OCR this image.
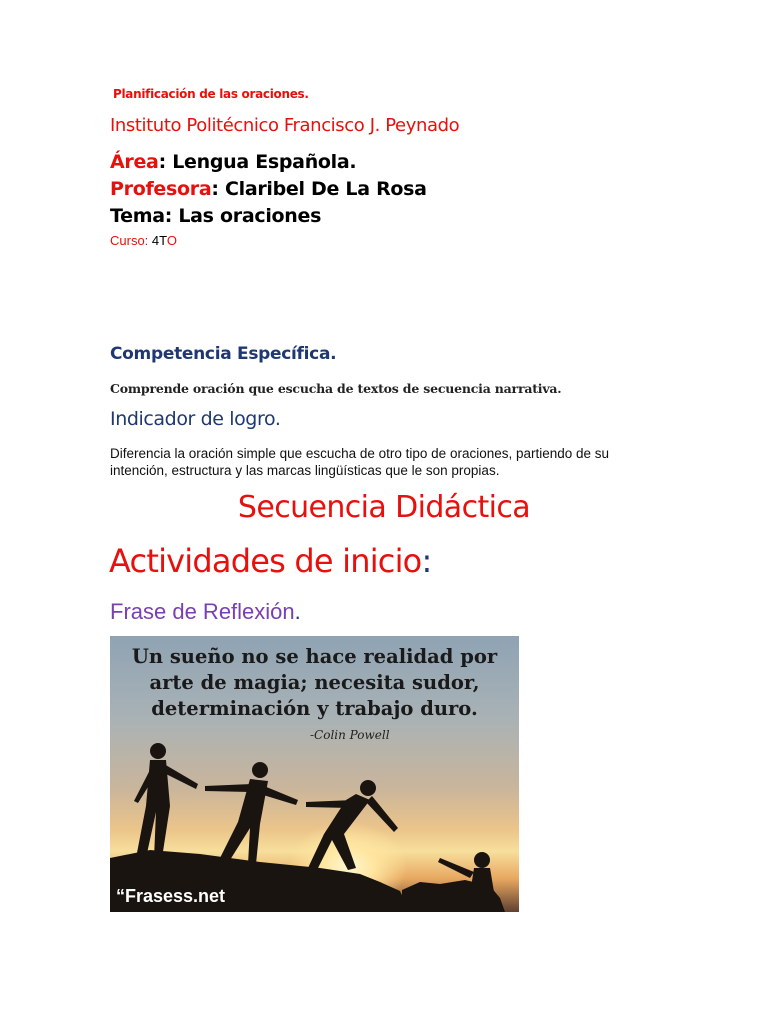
Planificación de las oraciones.
Instituto Politécnico Francisco J. Peynado
Área: Lengua Española.
Profesora: Claribel De La Rosa
Tema: Las oraciones
Curso: 4TO
Competencia Específica.
Comprende oración que escucha de textos de secuencia narrativa.
Indicador de logro.
Diferencia la oración simple que escucha de otro tipo de oraciones, partiendo de su intención, estructura y las marcas lingüísticas que le son propias.
Secuencia Didáctica
Actividades de inicio:
Frase de Reflexión.
Un sueño no se hace realidad por
arte de magia; necesita sudor,
determinación y trabajo duro.
-Colin Powell
“Frasess.net
